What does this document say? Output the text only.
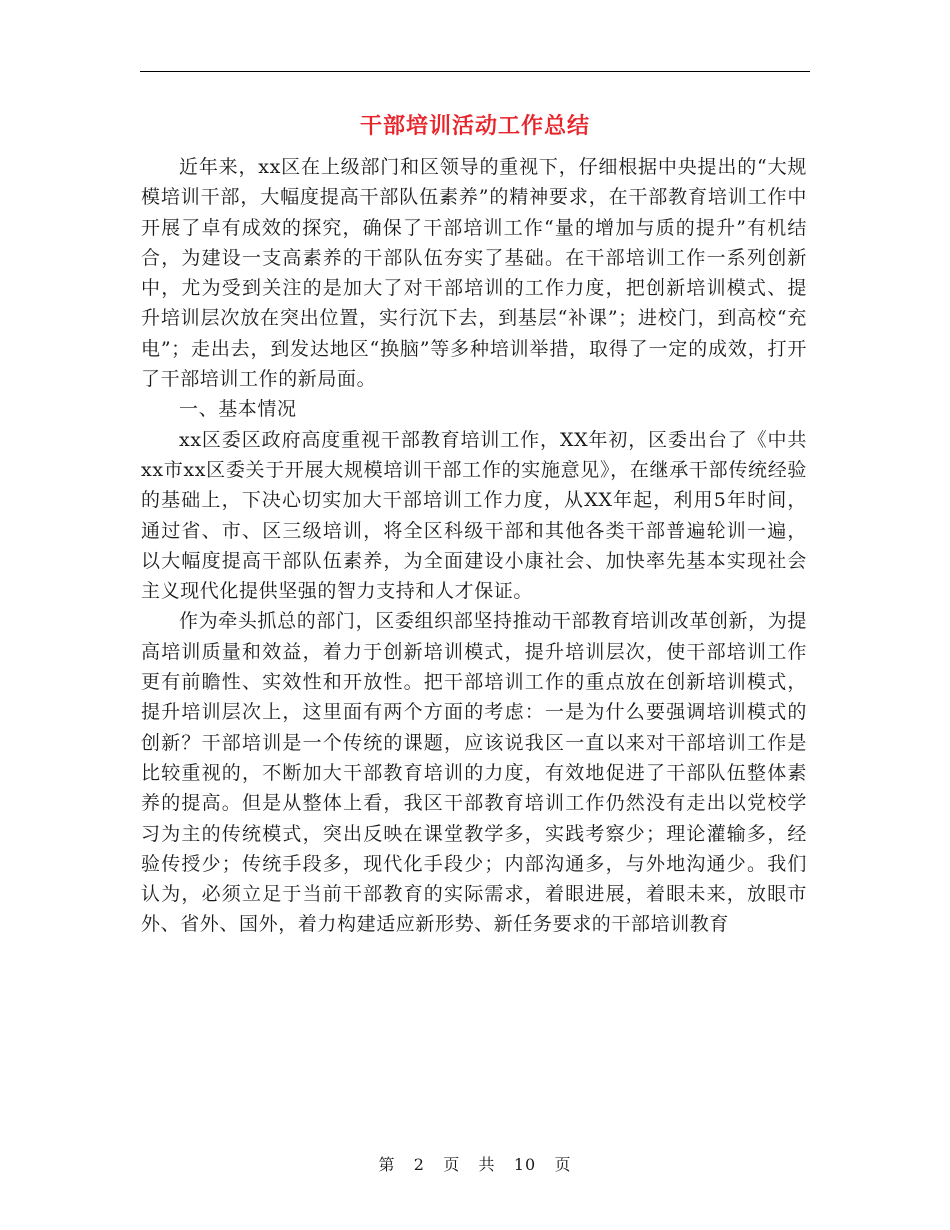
干部培训活动工作总结

近年来，xx区在上级部门和区领导的重视下，仔细根据中央提出的“大规模培训干部，大幅度提高干部队伍素养”的精神要求，在干部教育培训工作中开展了卓有成效的探究，确保了干部培训工作“量的增加与质的提升”有机结合，为建设一支高素养的干部队伍夯实了基础。在干部培训工作一系列创新中，尤为受到关注的是加大了对干部培训的工作力度，把创新培训模式、提升培训层次放在突出位置，实行沉下去，到基层“补课”；进校门，到高校“充电”；走出去，到发达地区“换脑”等多种培训举措，取得了一定的成效，打开了干部培训工作的新局面。

一、基本情况

xx区委区政府高度重视干部教育培训工作，XX年初，区委出台了《中共xx市xx区委关于开展大规模培训干部工作的实施意见》，在继承干部传统经验的基础上，下决心切实加大干部培训工作力度，从XX年起，利用5年时间，通过省、市、区三级培训，将全区科级干部和其他各类干部普遍轮训一遍，以大幅度提高干部队伍素养，为全面建设小康社会、加快率先基本实现社会主义现代化提供坚强的智力支持和人才保证。

作为牵头抓总的部门，区委组织部坚持推动干部教育培训改革创新，为提高培训质量和效益，着力于创新培训模式，提升培训层次，使干部培训工作更有前瞻性、实效性和开放性。把干部培训工作的重点放在创新培训模式，提升培训层次上，这里面有两个方面的考虑：一是为什么要强调培训模式的创新？干部培训是一个传统的课题，应该说我区一直以来对干部培训工作是比较重视的，不断加大干部教育培训的力度，有效地促进了干部队伍整体素养的提高。但是从整体上看，我区干部教育培训工作仍然没有走出以党校学习为主的传统模式，突出反映在课堂教学多，实践考察少；理论灌输多，经验传授少；传统手段多，现代化手段少；内部沟通多，与外地沟通少。我们认为，必须立足于当前干部教育的实际需求，着眼进展，着眼未来，放眼市外、省外、国外，着力构建适应新形势、新任务要求的干部培训教育

第 2 页 共 10 页
